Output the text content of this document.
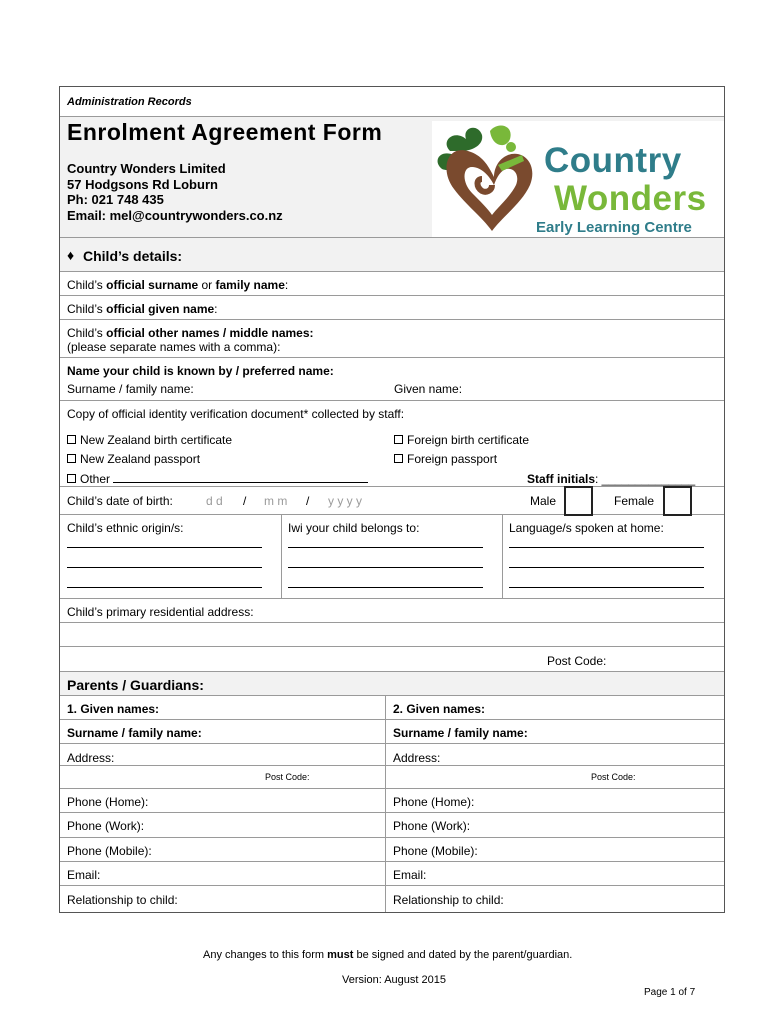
Administration Records
Enrolment Agreement Form
Country Wonders Limited
57 Hodgsons Rd Loburn
Ph: 021 748 435
Email: mel@countrywonders.co.nz
Country
Wonders
Early Learning Centre
♦ Child’s details:
Child’s official surname or family name:
Child’s official given name:
Child’s official other names / middle names:
(please separate names with a comma):
Name your child is known by / preferred name:
Surname / family name:	Given name:
Copy of official identity verification document* collected by staff:
New Zealand birth certificate	Foreign birth certificate
New Zealand passport	Foreign passport
Other	Staff initials: ______________
Child’s date of birth:	d d / m m / y y y y	Male	Female
Child’s ethnic origin/s:	Iwi your child belongs to:	Language/s spoken at home:
Child’s primary residential address:
Post Code:
Parents / Guardians:
1. Given names:	2. Given names:
Surname / family name:	Surname / family name:
Address:	Address:
Post Code:	Post Code:
Phone (Home):	Phone (Home):
Phone (Work):	Phone (Work):
Phone (Mobile):	Phone (Mobile):
Email:	Email:
Relationship to child:	Relationship to child:
Any changes to this form must be signed and dated by the parent/guardian.
Version: August 2015
Page 1 of 7
